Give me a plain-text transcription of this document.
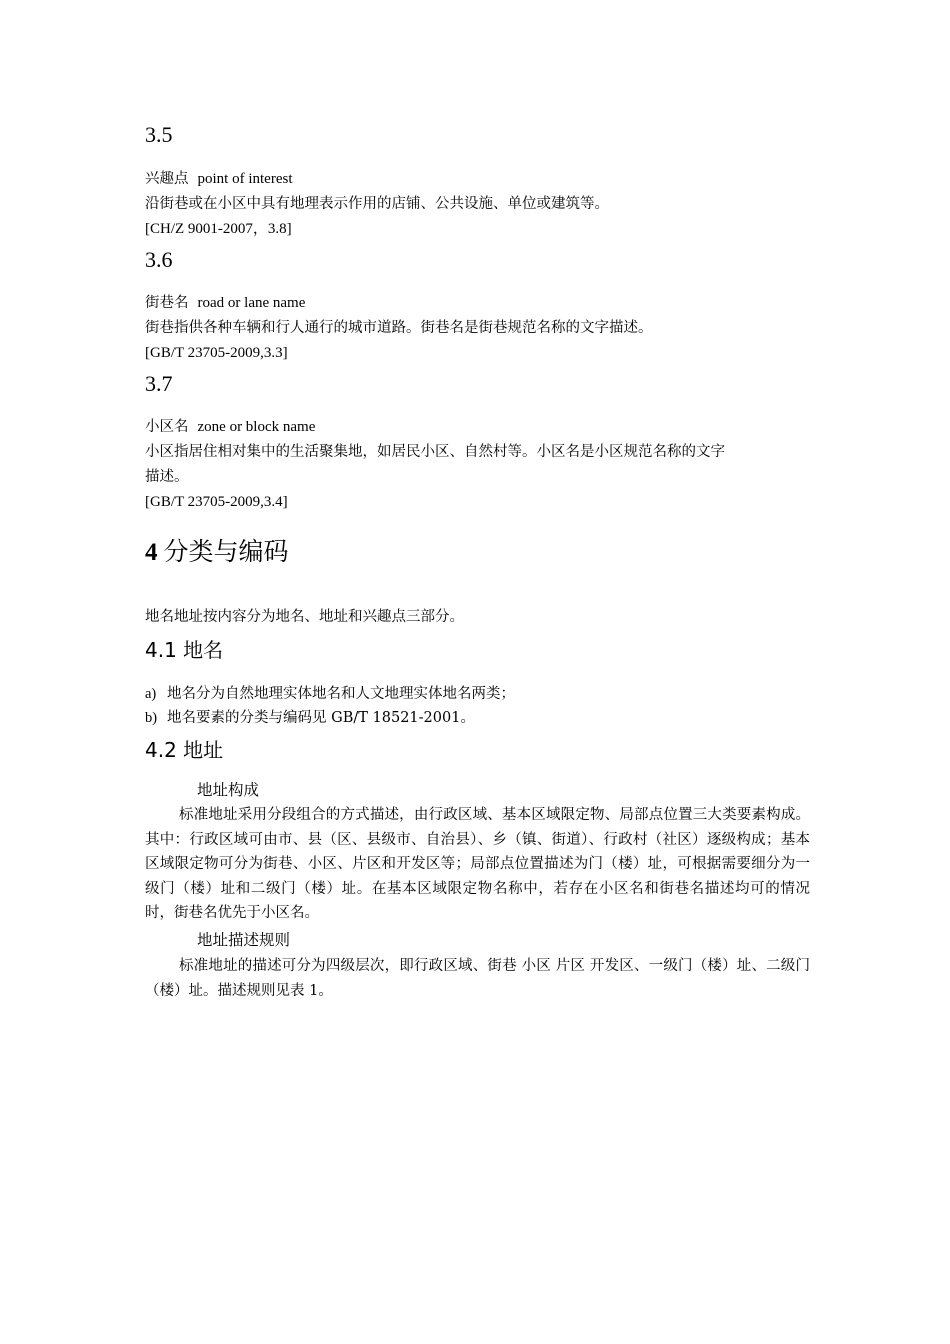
3.5
兴趣点 point of interest
沿街巷或在小区中具有地理表示作用的店铺、公共设施、单位或建筑等。
[CH/Z 9001-2007，3.8]
3.6
街巷名 road or lane name
街巷指供各种车辆和行人通行的城市道路。街巷名是街巷规范名称的文字描述。
[GB/T 23705-2009,3.3]
3.7
小区名 zone or block name
小区指居住相对集中的生活聚集地，如居民小区、自然村等。小区名是小区规范名称的文字
描述。
[GB/T 23705-2009,3.4]
4 分类与编码
地名地址按内容分为地名、地址和兴趣点三部分。
4.1 地名
a) 地名分为自然地理实体地名和人文地理实体地名两类；
b) 地名要素的分类与编码见 GB/T 18521-2001。
4.2 地址
地址构成
标准地址采用分段组合的方式描述，由行政区域、基本区域限定物、局部点位置三大类要素构成。其中：行政区域可由市、县（区、县级市、自治县）、乡（镇、街道）、行政村（社区）逐级构成；基本区域限定物可分为街巷、小区、片区和开发区等；局部点位置描述为门（楼）址，可根据需要细分为一级门（楼）址和二级门（楼）址。在基本区域限定物名称中，若存在小区名和街巷名描述均可的情况时，街巷名优先于小区名。
地址描述规则
标准地址的描述可分为四级层次，即行政区域、街巷 小区 片区 开发区、一级门（楼）址、二级门（楼）址。描述规则见表 1。
